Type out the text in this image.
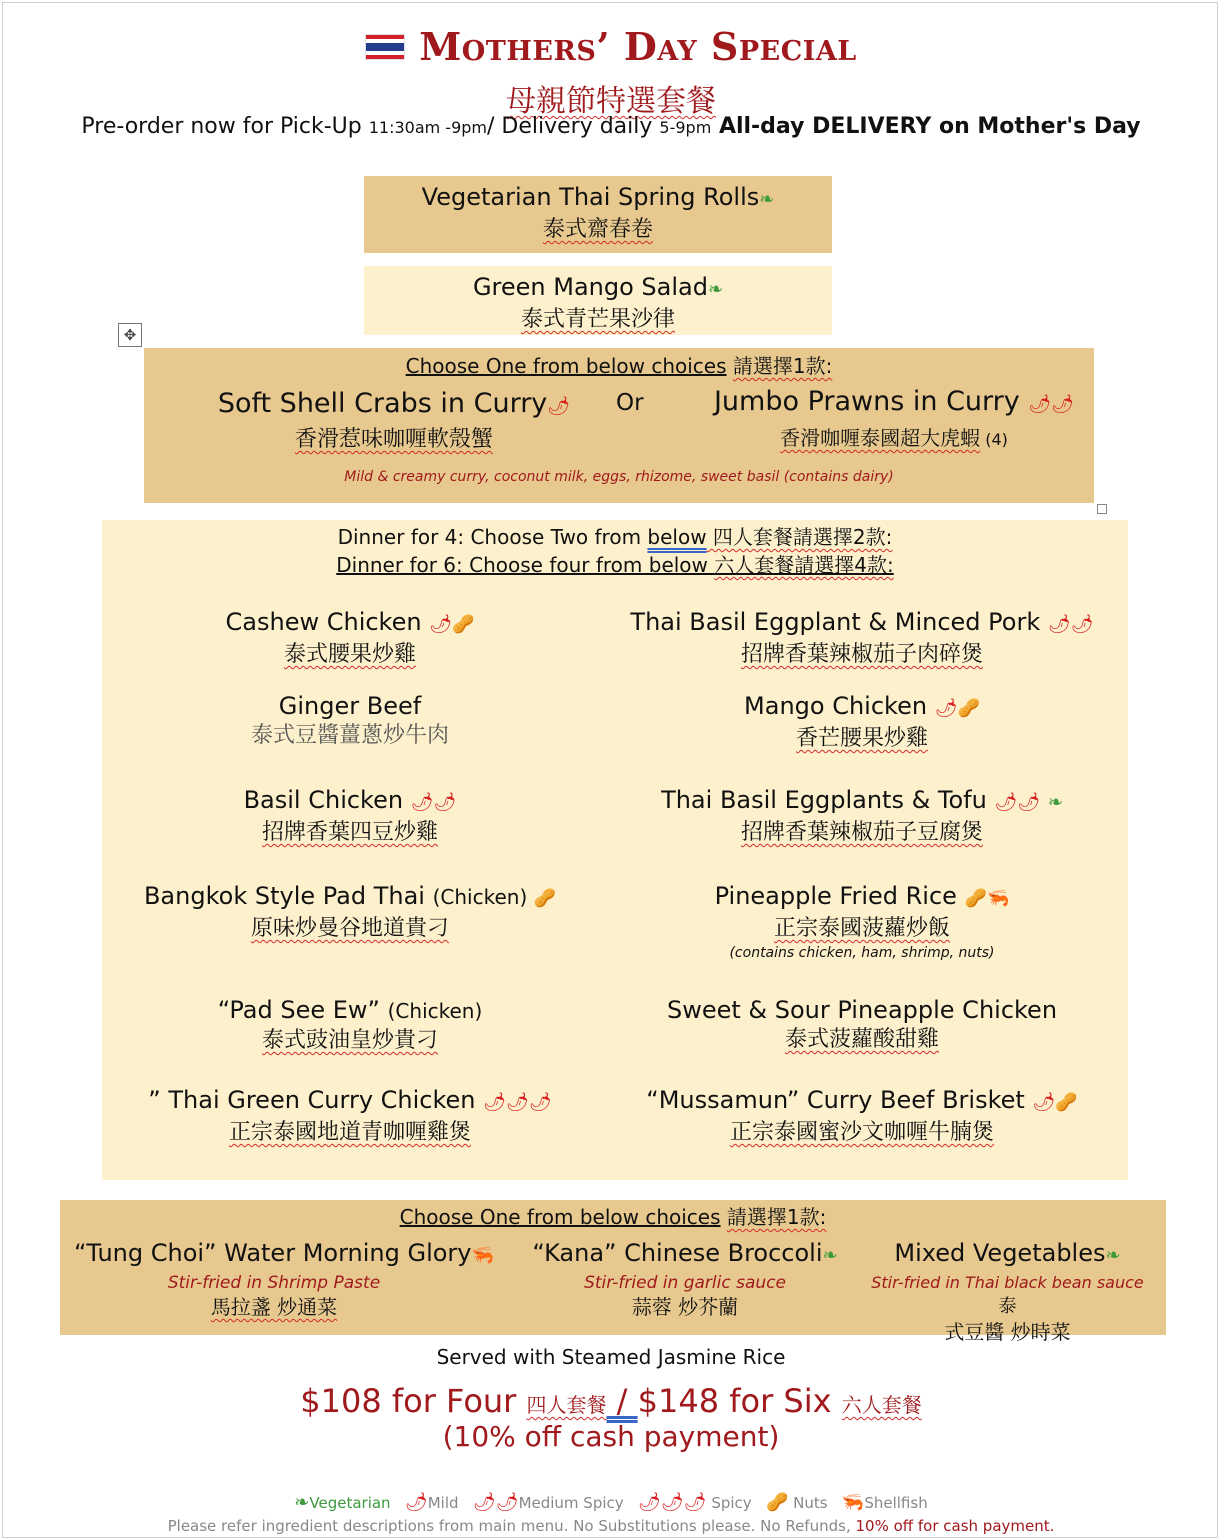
Mothers’ Day Special
母親節特選套餐
Pre-order now for Pick-Up 11:30am -9pm/ Delivery daily 5-9pm All-day DELIVERY on Mother's Day
Vegetarian Thai Spring Rolls❧
泰式齋春卷
Green Mango Salad❧
泰式青芒果沙律
✥
Choose One from below choices 請選擇1款:
Soft Shell Crabs in Curry🌶
香滑惹味咖喱軟殼蟹
Or	Jumbo Prawns in Curry 🌶🌶
香滑咖喱泰國超大虎蝦 (4)
Mild & creamy curry, coconut milk, eggs, rhizome, sweet basil (contains dairy)
Dinner for 4: Choose Two from below 四人套餐請選擇2款:
Dinner for 6: Choose four from below 六人套餐請選擇4款:
Cashew Chicken 🌶🥜
泰式腰果炒雞
Ginger Beef
泰式豆醬薑蔥炒牛肉
Basil Chicken 🌶🌶
招牌香葉四豆炒雞
Bangkok Style Pad Thai (Chicken) 🥜
原味炒曼谷地道貴刁
“Pad See Ew” (Chicken)
泰式豉油皇炒貴刁
” Thai Green Curry Chicken 🌶🌶🌶
正宗泰國地道青咖喱雞煲
Thai Basil Eggplant & Minced Pork 🌶🌶
招牌香葉辣椒茄子肉碎煲
Mango Chicken 🌶🥜
香芒腰果炒雞
Thai Basil Eggplants & Tofu 🌶🌶 ❧
招牌香葉辣椒茄子豆腐煲
Pineapple Fried Rice 🥜🦐
正宗泰國菠蘿炒飯
(contains chicken, ham, shrimp, nuts)
Sweet & Sour Pineapple Chicken
泰式菠蘿酸甜雞
“Mussamun” Curry Beef Brisket 🌶🥜
正宗泰國蜜沙文咖喱牛腩煲
Choose One from below choices 請選擇1款:
“Tung Choi” Water Morning Glory🦐
Stir-fried in Shrimp Paste
馬拉盞 炒通菜
“Kana” Chinese Broccoli❧
Stir-fried in garlic sauce
蒜蓉 炒芥蘭
Mixed Vegetables❧
Stir-fried in Thai black bean sauce 泰
式豆醬 炒時菜
Served with Steamed Jasmine Rice
$108 for Four 四人套餐 / $148 for Six 六人套餐
(10% off cash payment)
❧Vegetarian 🌶Mild 🌶🌶Medium Spicy 🌶🌶🌶 Spicy 🥜 Nuts 🦐Shellfish
Please refer ingredient descriptions from main menu. No Substitutions please. No Refunds, 10% off for cash payment.
